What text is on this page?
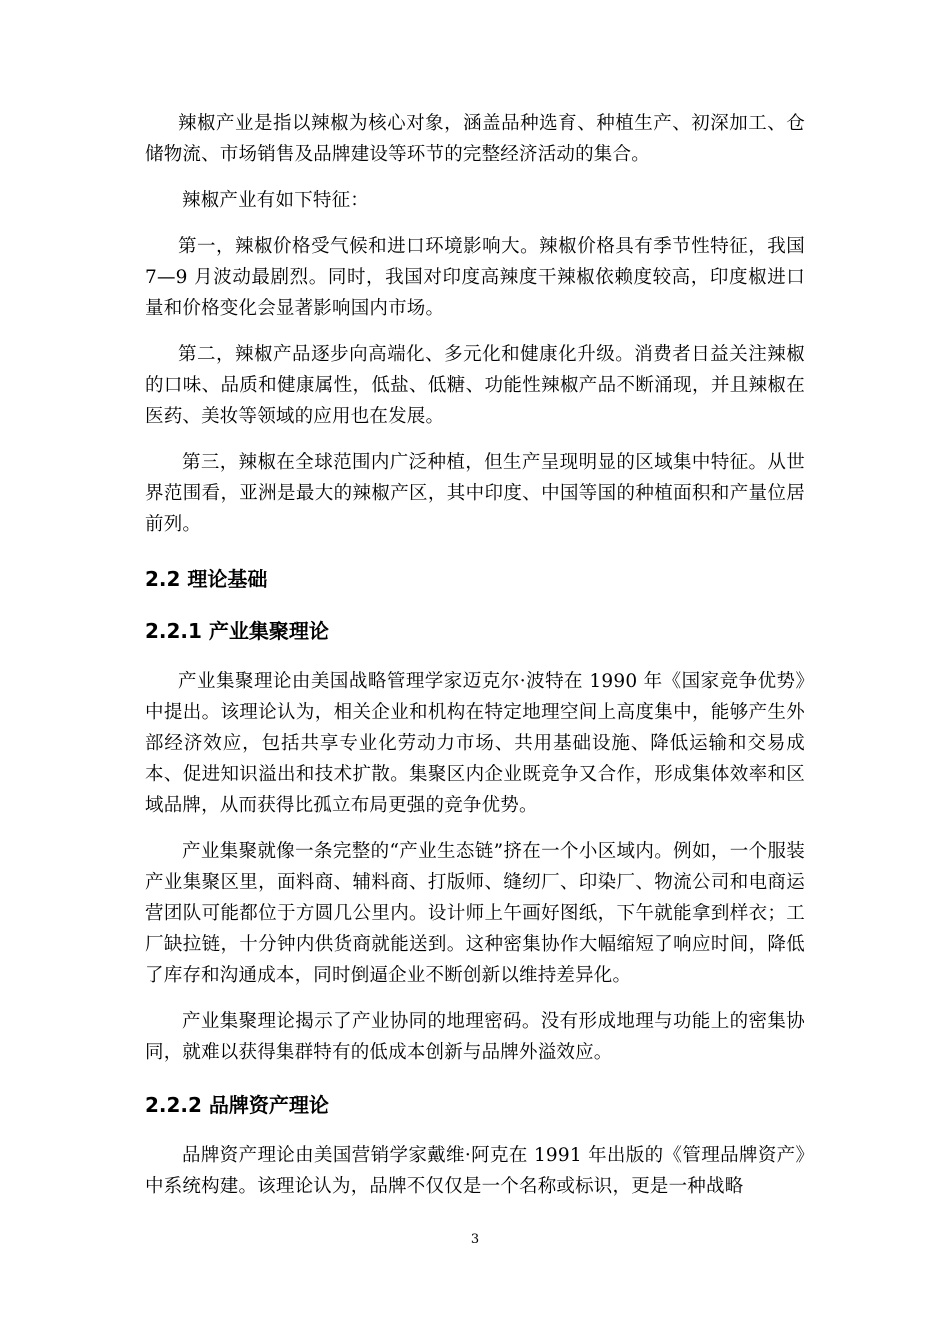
辣椒产业是指以辣椒为核心对象，涵盖品种选育、种植生产、初深加工、仓储物流、市场销售及品牌建设等环节的完整经济活动的集合。

辣椒产业有如下特征：

第一，辣椒价格受气候和进口环境影响大。辣椒价格具有季节性特征，我国 7—9 月波动最剧烈。同时，我国对印度高辣度干辣椒依赖度较高，印度椒进口量和价格变化会显著影响国内市场。

第二，辣椒产品逐步向高端化、多元化和健康化升级。消费者日益关注辣椒的口味、品质和健康属性，低盐、低糖、功能性辣椒产品不断涌现，并且辣椒在医药、美妆等领域的应用也在发展。

第三，辣椒在全球范围内广泛种植，但生产呈现明显的区域集中特征。从世界范围看，亚洲是最大的辣椒产区，其中印度、中国等国的种植面积和产量位居前列。

2.2 理论基础
2.2.1 产业集聚理论

产业集聚理论由美国战略管理学家迈克尔·波特在 1990 年《国家竞争优势》中提出。该理论认为，相关企业和机构在特定地理空间上高度集中，能够产生外部经济效应，包括共享专业化劳动力市场、共用基础设施、降低运输和交易成本、促进知识溢出和技术扩散。集聚区内企业既竞争又合作，形成集体效率和区域品牌，从而获得比孤立布局更强的竞争优势。

产业集聚就像一条完整的“产业生态链”挤在一个小区域内。例如，一个服装产业集聚区里，面料商、辅料商、打版师、缝纫厂、印染厂、物流公司和电商运营团队可能都位于方圆几公里内。设计师上午画好图纸，下午就能拿到样衣；工厂缺拉链，十分钟内供货商就能送到。这种密集协作大幅缩短了响应时间，降低了库存和沟通成本，同时倒逼企业不断创新以维持差异化。

产业集聚理论揭示了产业协同的地理密码。没有形成地理与功能上的密集协同，就难以获得集群特有的低成本创新与品牌外溢效应。

2.2.2 品牌资产理论

品牌资产理论由美国营销学家戴维·阿克在 1991 年出版的《管理品牌资产》中系统构建。该理论认为，品牌不仅仅是一个名称或标识，更是一种战略

3
